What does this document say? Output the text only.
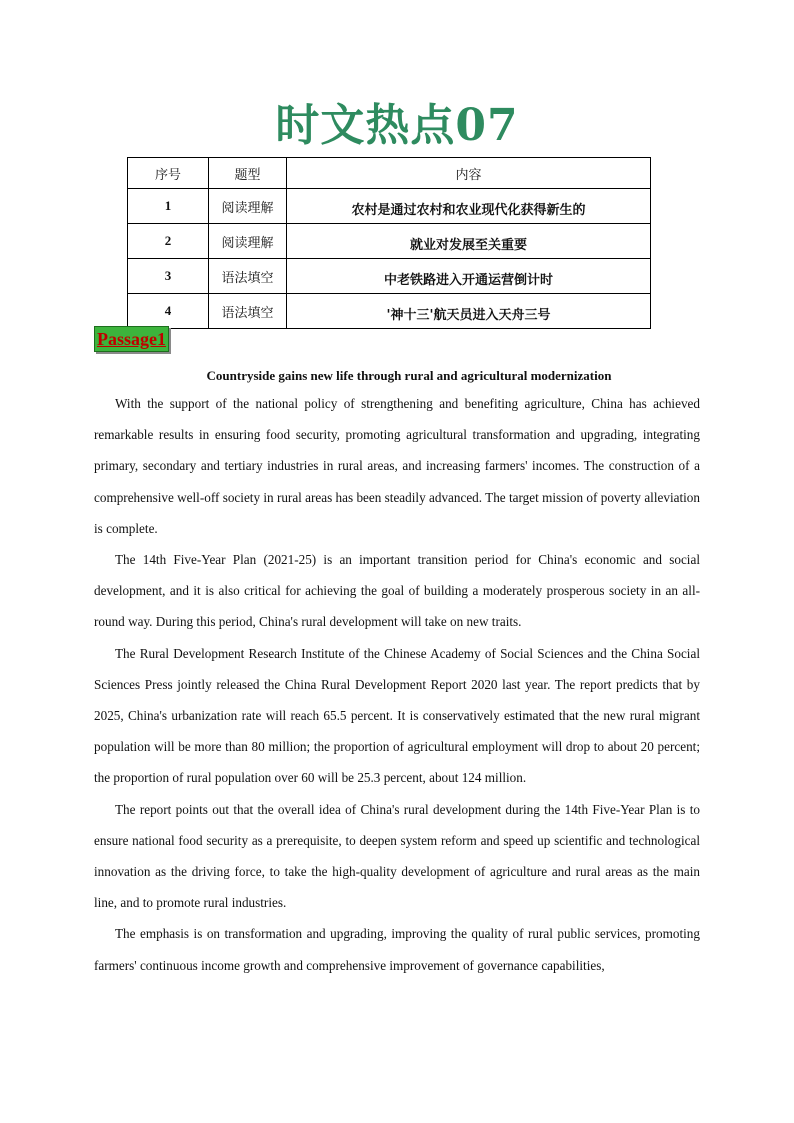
时文热点07
序号	题型	内容
1	阅读理解	农村是通过农村和农业现代化获得新生的
2	阅读理解	就业对发展至关重要
3	语法填空	中老铁路进入开通运营倒计时
4	语法填空	'神十三'航天员进入天舟三号
Passage1
Countryside gains new life through rural and agricultural modernization

With the support of the national policy of strengthening and benefiting agriculture, China has achieved remarkable results in ensuring food security, promoting agricultural transformation and upgrading, integrating primary, secondary and tertiary industries in rural areas, and increasing farmers' incomes. The construction of a comprehensive well-off society in rural areas has been steadily advanced. The target mission of poverty alleviation is complete.

The 14th Five-Year Plan (2021-25) is an important transition period for China's economic and social development, and it is also critical for achieving the goal of building a moderately prosperous society in an all-round way. During this period, China's rural development will take on new traits.

The Rural Development Research Institute of the Chinese Academy of Social Sciences and the China Social Sciences Press jointly released the China Rural Development Report 2020 last year. The report predicts that by 2025, China's urbanization rate will reach 65.5 percent. It is conservatively estimated that the new rural migrant population will be more than 80 million; the proportion of agricultural employment will drop to about 20 percent; the proportion of rural population over 60 will be 25.3 percent, about 124 million.

The report points out that the overall idea of China's rural development during the 14th Five-Year Plan is to ensure national food security as a prerequisite, to deepen system reform and speed up scientific and technological innovation as the driving force, to take the high-quality development of agriculture and rural areas as the main line, and to promote rural industries.

The emphasis is on transformation and upgrading, improving the quality of rural public services, promoting farmers' continuous income growth and comprehensive improvement of governance capabilities,
